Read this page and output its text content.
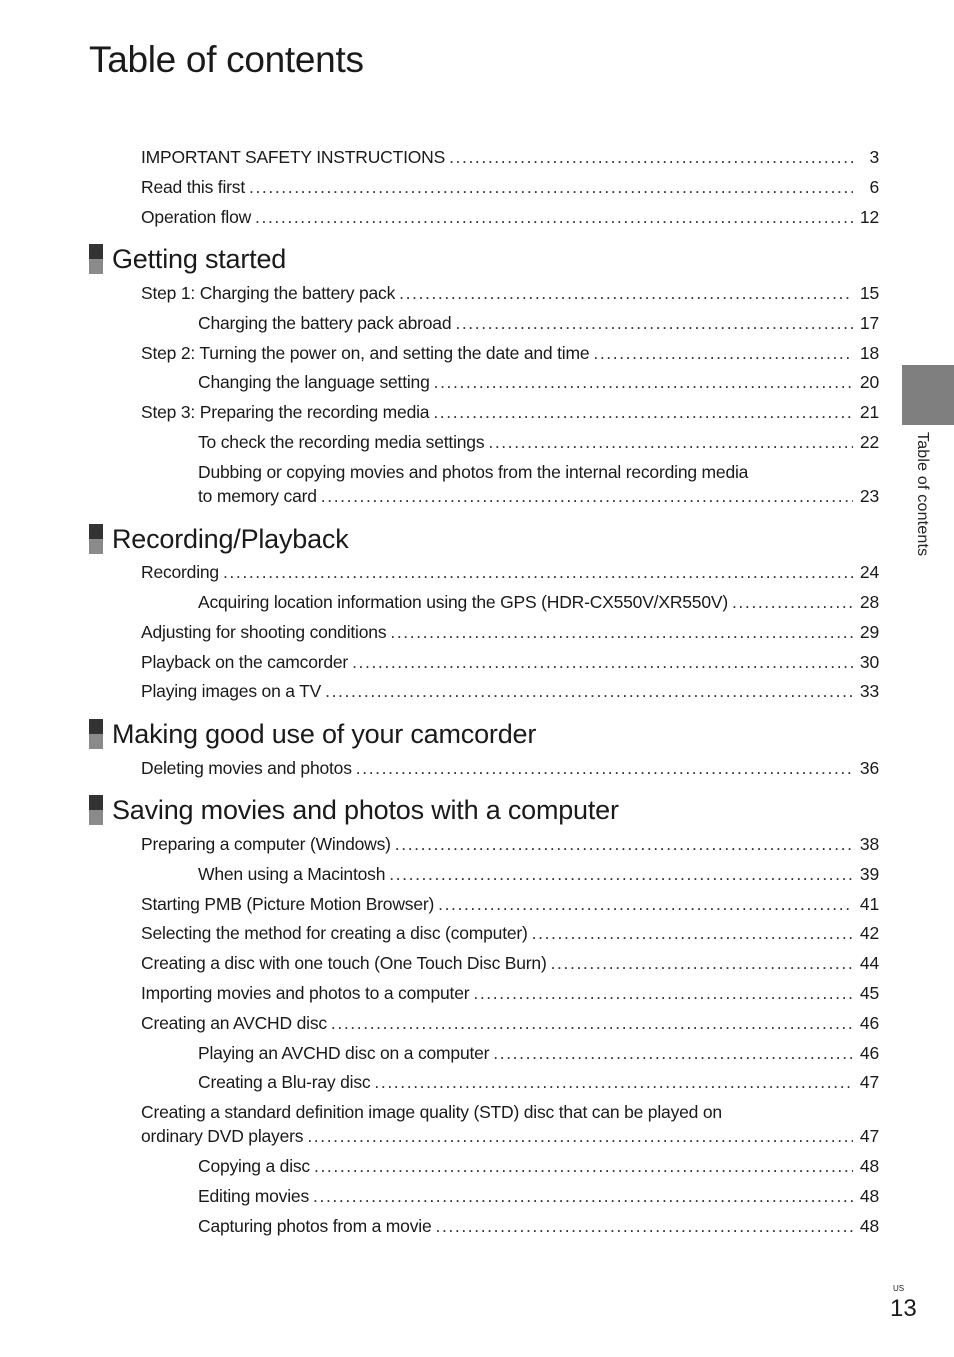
Table of contents
IMPORTANT SAFETY INSTRUCTIONS .....	3
Read this first .....	6
Operation flow .....	12
Getting started
Step 1: Charging the battery pack .....	15
Charging the battery pack abroad .....	17
Step 2: Turning the power on, and setting the date and time .....	18
Changing the language setting .....	20
Step 3: Preparing the recording media .....	21
To check the recording media settings .....	22
Dubbing or copying movies and photos from the internal recording media
to memory card .....	23
Recording/Playback
Recording .....	24
Acquiring location information using the GPS (HDR-CX550V/XR550V) .....	28
Adjusting for shooting conditions .....	29
Playback on the camcorder .....	30
Playing images on a TV .....	33
Making good use of your camcorder
Deleting movies and photos .....	36
Saving movies and photos with a computer
Preparing a computer (Windows) .....	38
When using a Macintosh .....	39
Starting PMB (Picture Motion Browser) .....	41
Selecting the method for creating a disc (computer) .....	42
Creating a disc with one touch (One Touch Disc Burn) .....	44
Importing movies and photos to a computer .....	45
Creating an AVCHD disc .....	46
Playing an AVCHD disc on a computer .....	46
Creating a Blu-ray disc .....	47
Creating a standard definition image quality (STD) disc that can be played on
ordinary DVD players .....	47
Copying a disc .....	48
Editing movies .....	48
Capturing photos from a movie .....	48
Table of contents
US
13
